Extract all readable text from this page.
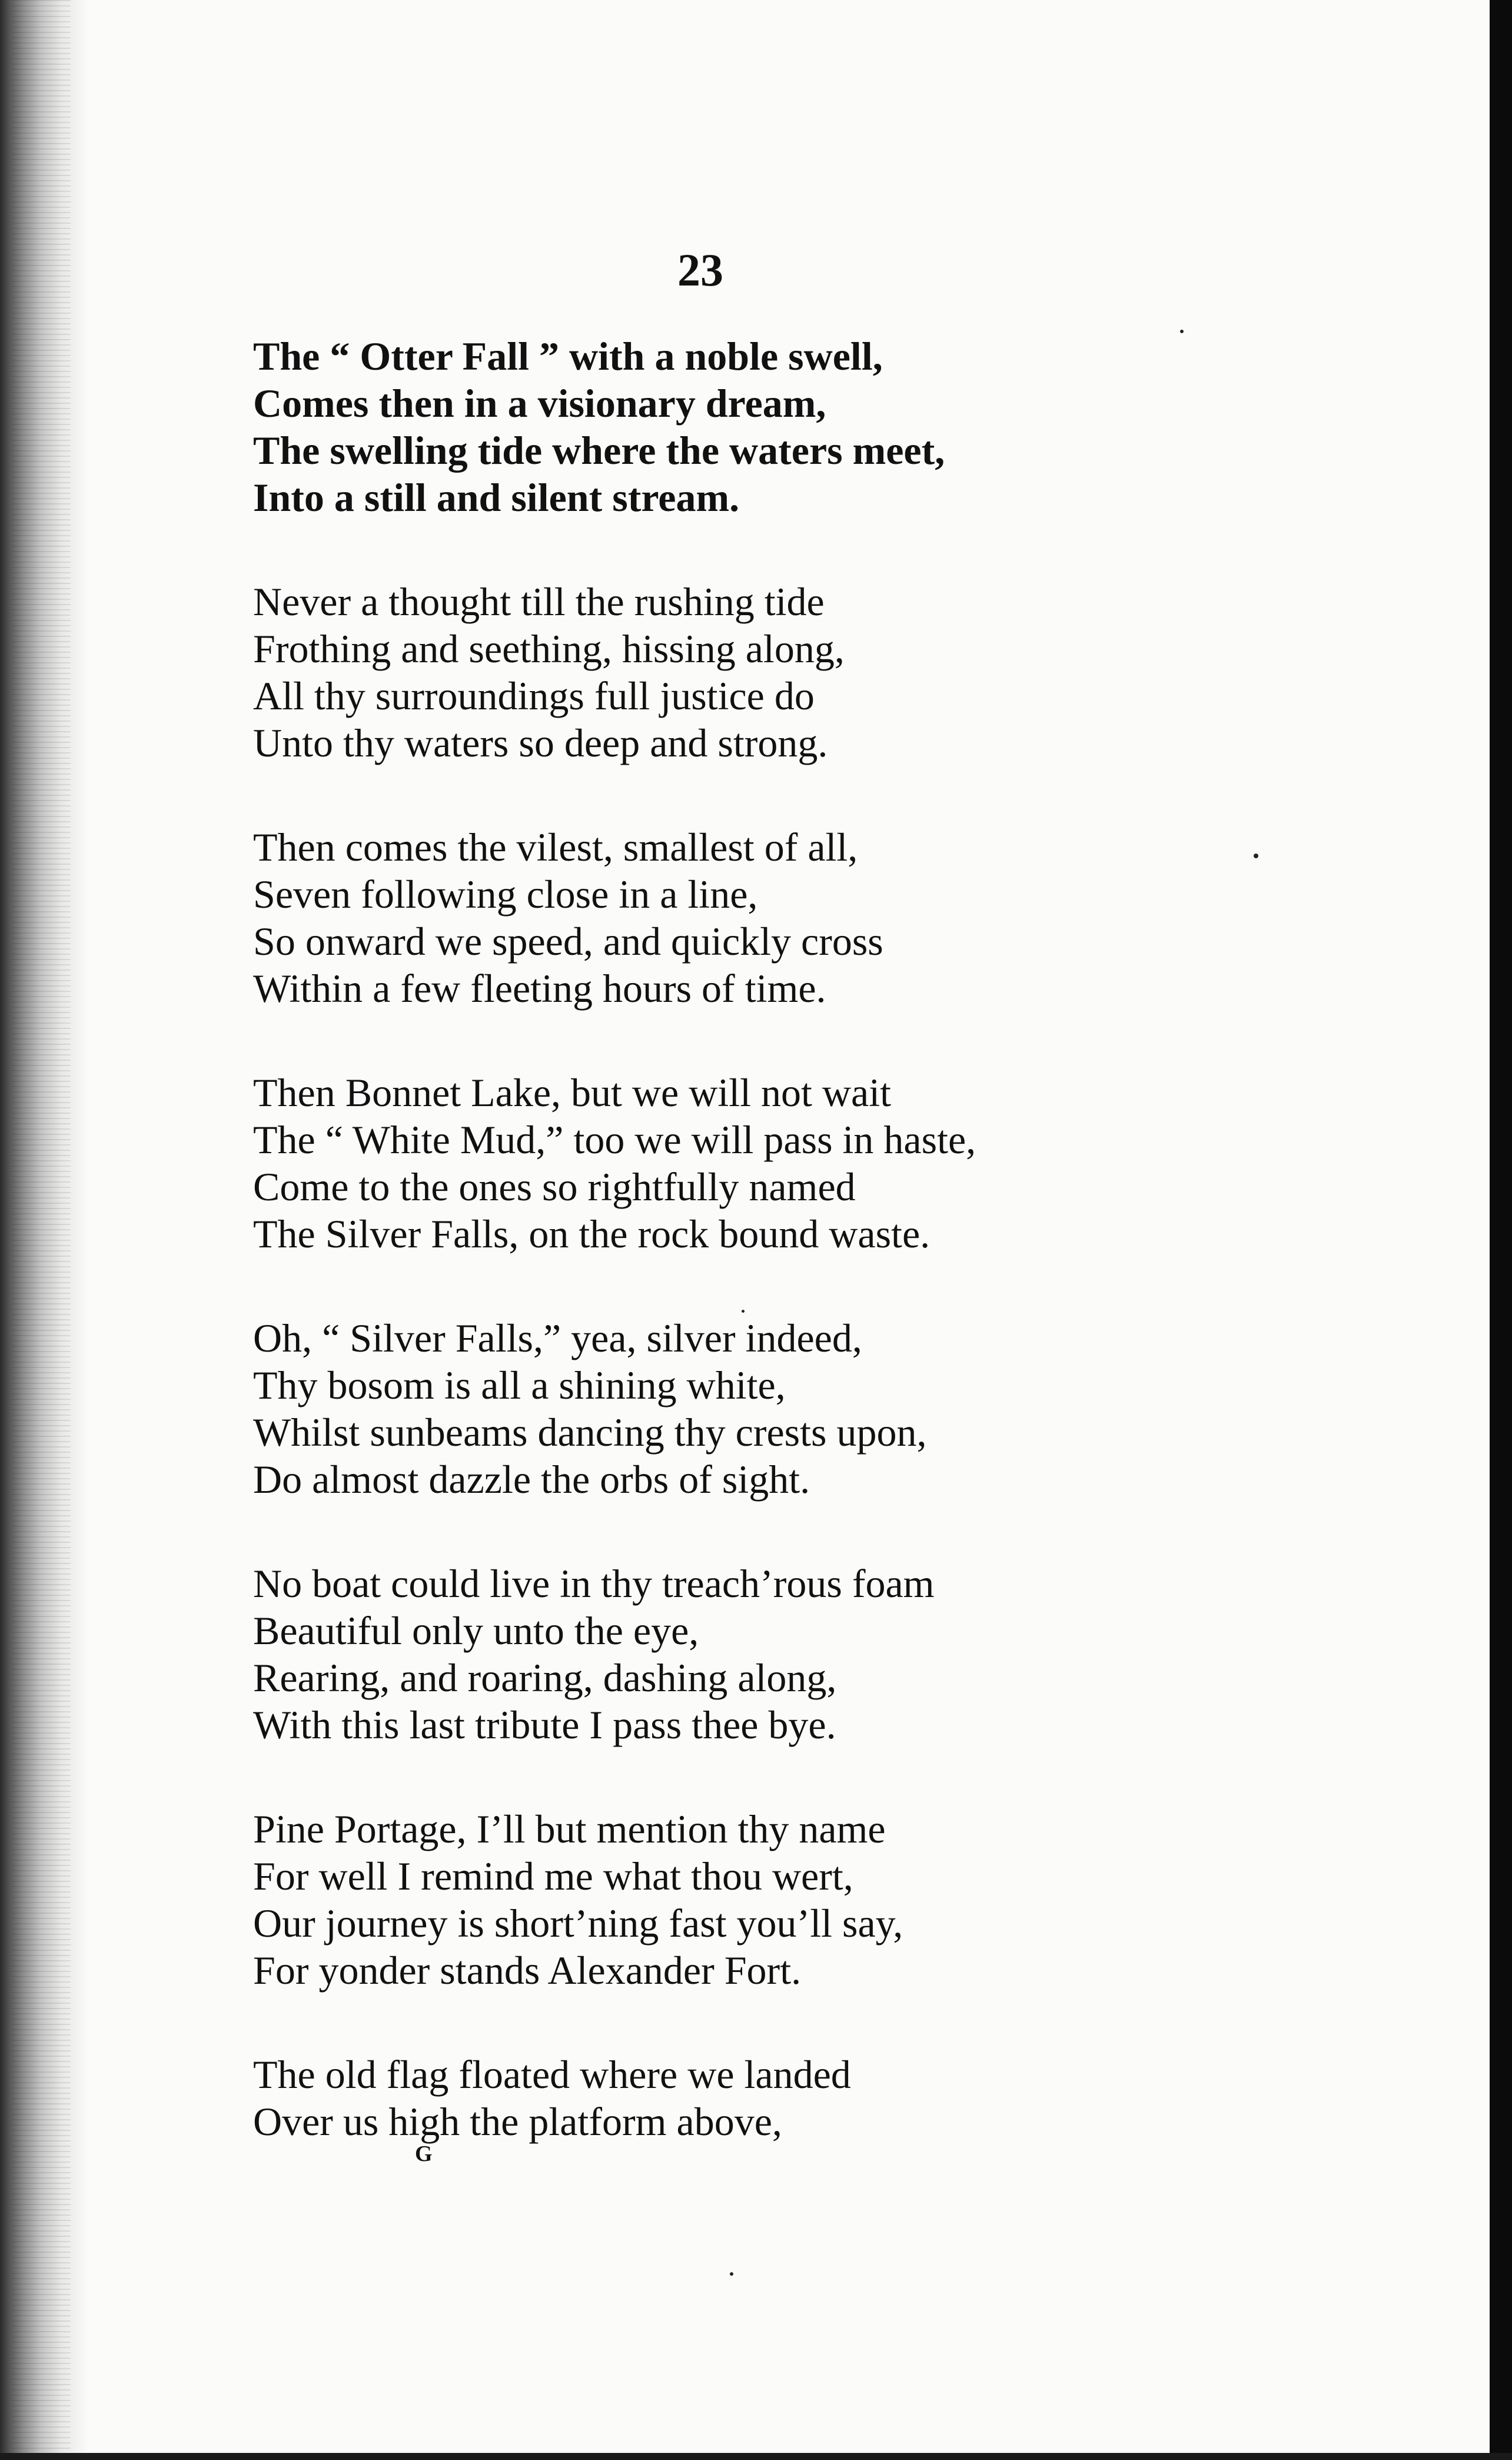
23
The “ Otter Fall ” with a noble swell,
Comes then in a visionary dream,
The swelling tide where the waters meet,
Into a still and silent stream.
Never a thought till the rushing tide
Frothing and seething, hissing along,
All thy surroundings full justice do
Unto thy waters so deep and strong.
Then comes the vilest, smallest of all,
Seven following close in a line,
So onward we speed, and quickly cross
Within a few fleeting hours of time.
Then Bonnet Lake, but we will not wait
The “ White Mud,” too we will pass in haste,
Come to the ones so rightfully named
The Silver Falls, on the rock bound waste.
Oh, “ Silver Falls,” yea, silver indeed,
Thy bosom is all a shining white,
Whilst sunbeams dancing thy crests upon,
Do almost dazzle the orbs of sight.
No boat could live in thy treach’rous foam
Beautiful only unto the eye,
Rearing, and roaring, dashing along,
With this last tribute I pass thee bye.
Pine Portage, I’ll but mention thy name
For well I remind me what thou wert,
Our journey is short’ning fast you’ll say,
For yonder stands Alexander Fort.
The old flag floated where we landed
Over us high the platform above,
G
